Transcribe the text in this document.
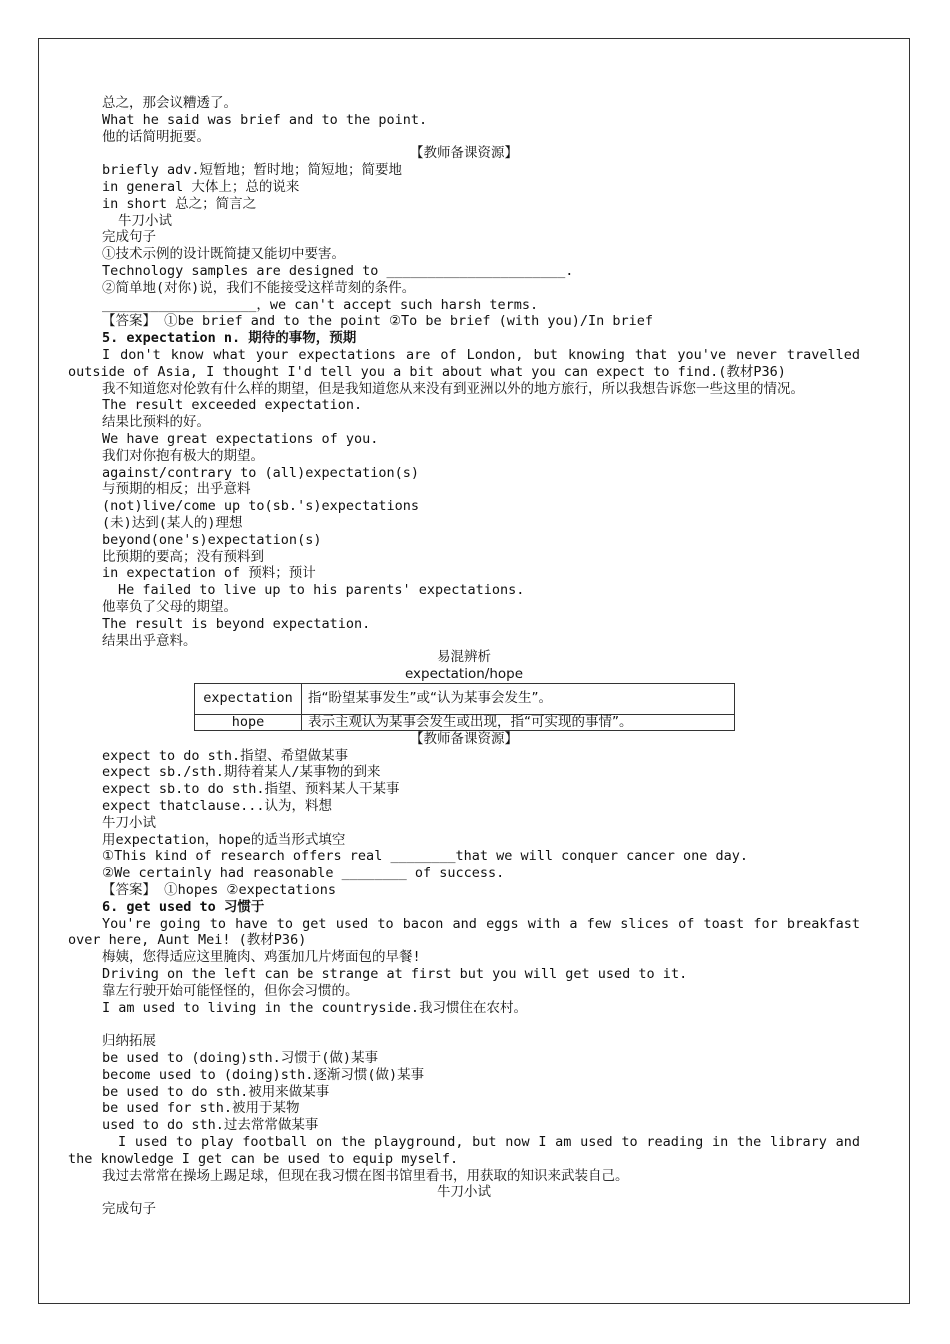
总之，那会议糟透了。
What he said was brief and to the point.
他的话简明扼要。
【教师备课资源】
briefly adv.短暂地；暂时地；简短地；简要地
in general 大体上；总的说来
in short 总之；简言之
牛刀小试
完成句子
①技术示例的设计既简捷又能切中要害。
Technology samples are designed to ______________________.
②简单地(对你)说，我们不能接受这样苛刻的条件。
___________________，we can't accept such harsh terms.
【答案】 ①be brief and to the point ②To be brief (with you)/In brief
5. expectation n. 期待的事物，预期
I don't know what your expectations are of London, but knowing that you've never travelled outside of Asia, I thought I'd tell you a bit about what you can expect to find.(教材P36)
我不知道您对伦敦有什么样的期望，但是我知道您从来没有到亚洲以外的地方旅行，所以我想告诉您一些这里的情况。
The result exceeded expectation.
结果比预料的好。
We have great expectations of you.
我们对你抱有极大的期望。
against/contrary to (all)expectation(s)
与预期的相反；出乎意料
(not)live/come up to(sb.'s)expectations
(未)达到(某人的)理想
beyond(one's)expectation(s)
比预期的要高；没有预料到
in expectation of 预料；预计
He failed to live up to his parents' expectations.
他辜负了父母的期望。
The result is beyond expectation.
结果出乎意料。
易混辨析
expectation/hope
expectation	指“盼望某事发生”或“认为某事会发生”。
hope	表示主观认为某事会发生或出现，指“可实现的事情”。
【教师备课资源】
expect to do sth.指望、希望做某事
expect sb./sth.期待着某人/某事物的到来
expect sb.to do sth.指望、预料某人干某事
expect thatclause...认为，料想
牛刀小试
用expectation，hope的适当形式填空
①This kind of research offers real ________that we will conquer cancer one day.
②We certainly had reasonable ________ of success.
【答案】 ①hopes ②expectations
6. get used to 习惯于
You're going to have to get used to bacon and eggs with a few slices of toast for breakfast over here, Aunt Mei! (教材P36)
梅姨，您得适应这里腌肉、鸡蛋加几片烤面包的早餐!
Driving on the left can be strange at first but you will get used to it.
靠左行驶开始可能怪怪的，但你会习惯的。
I am used to living in the countryside.我习惯住在农村。
归纳拓展
be used to (doing)sth.习惯于(做)某事
become used to (doing)sth.逐渐习惯(做)某事
be used to do sth.被用来做某事
be used for sth.被用于某物
used to do sth.过去常常做某事
I used to play football on the playground, but now I am used to reading in the library and the knowledge I get can be used to equip myself.
我过去常常在操场上踢足球，但现在我习惯在图书馆里看书，用获取的知识来武装自己。
牛刀小试
完成句子
